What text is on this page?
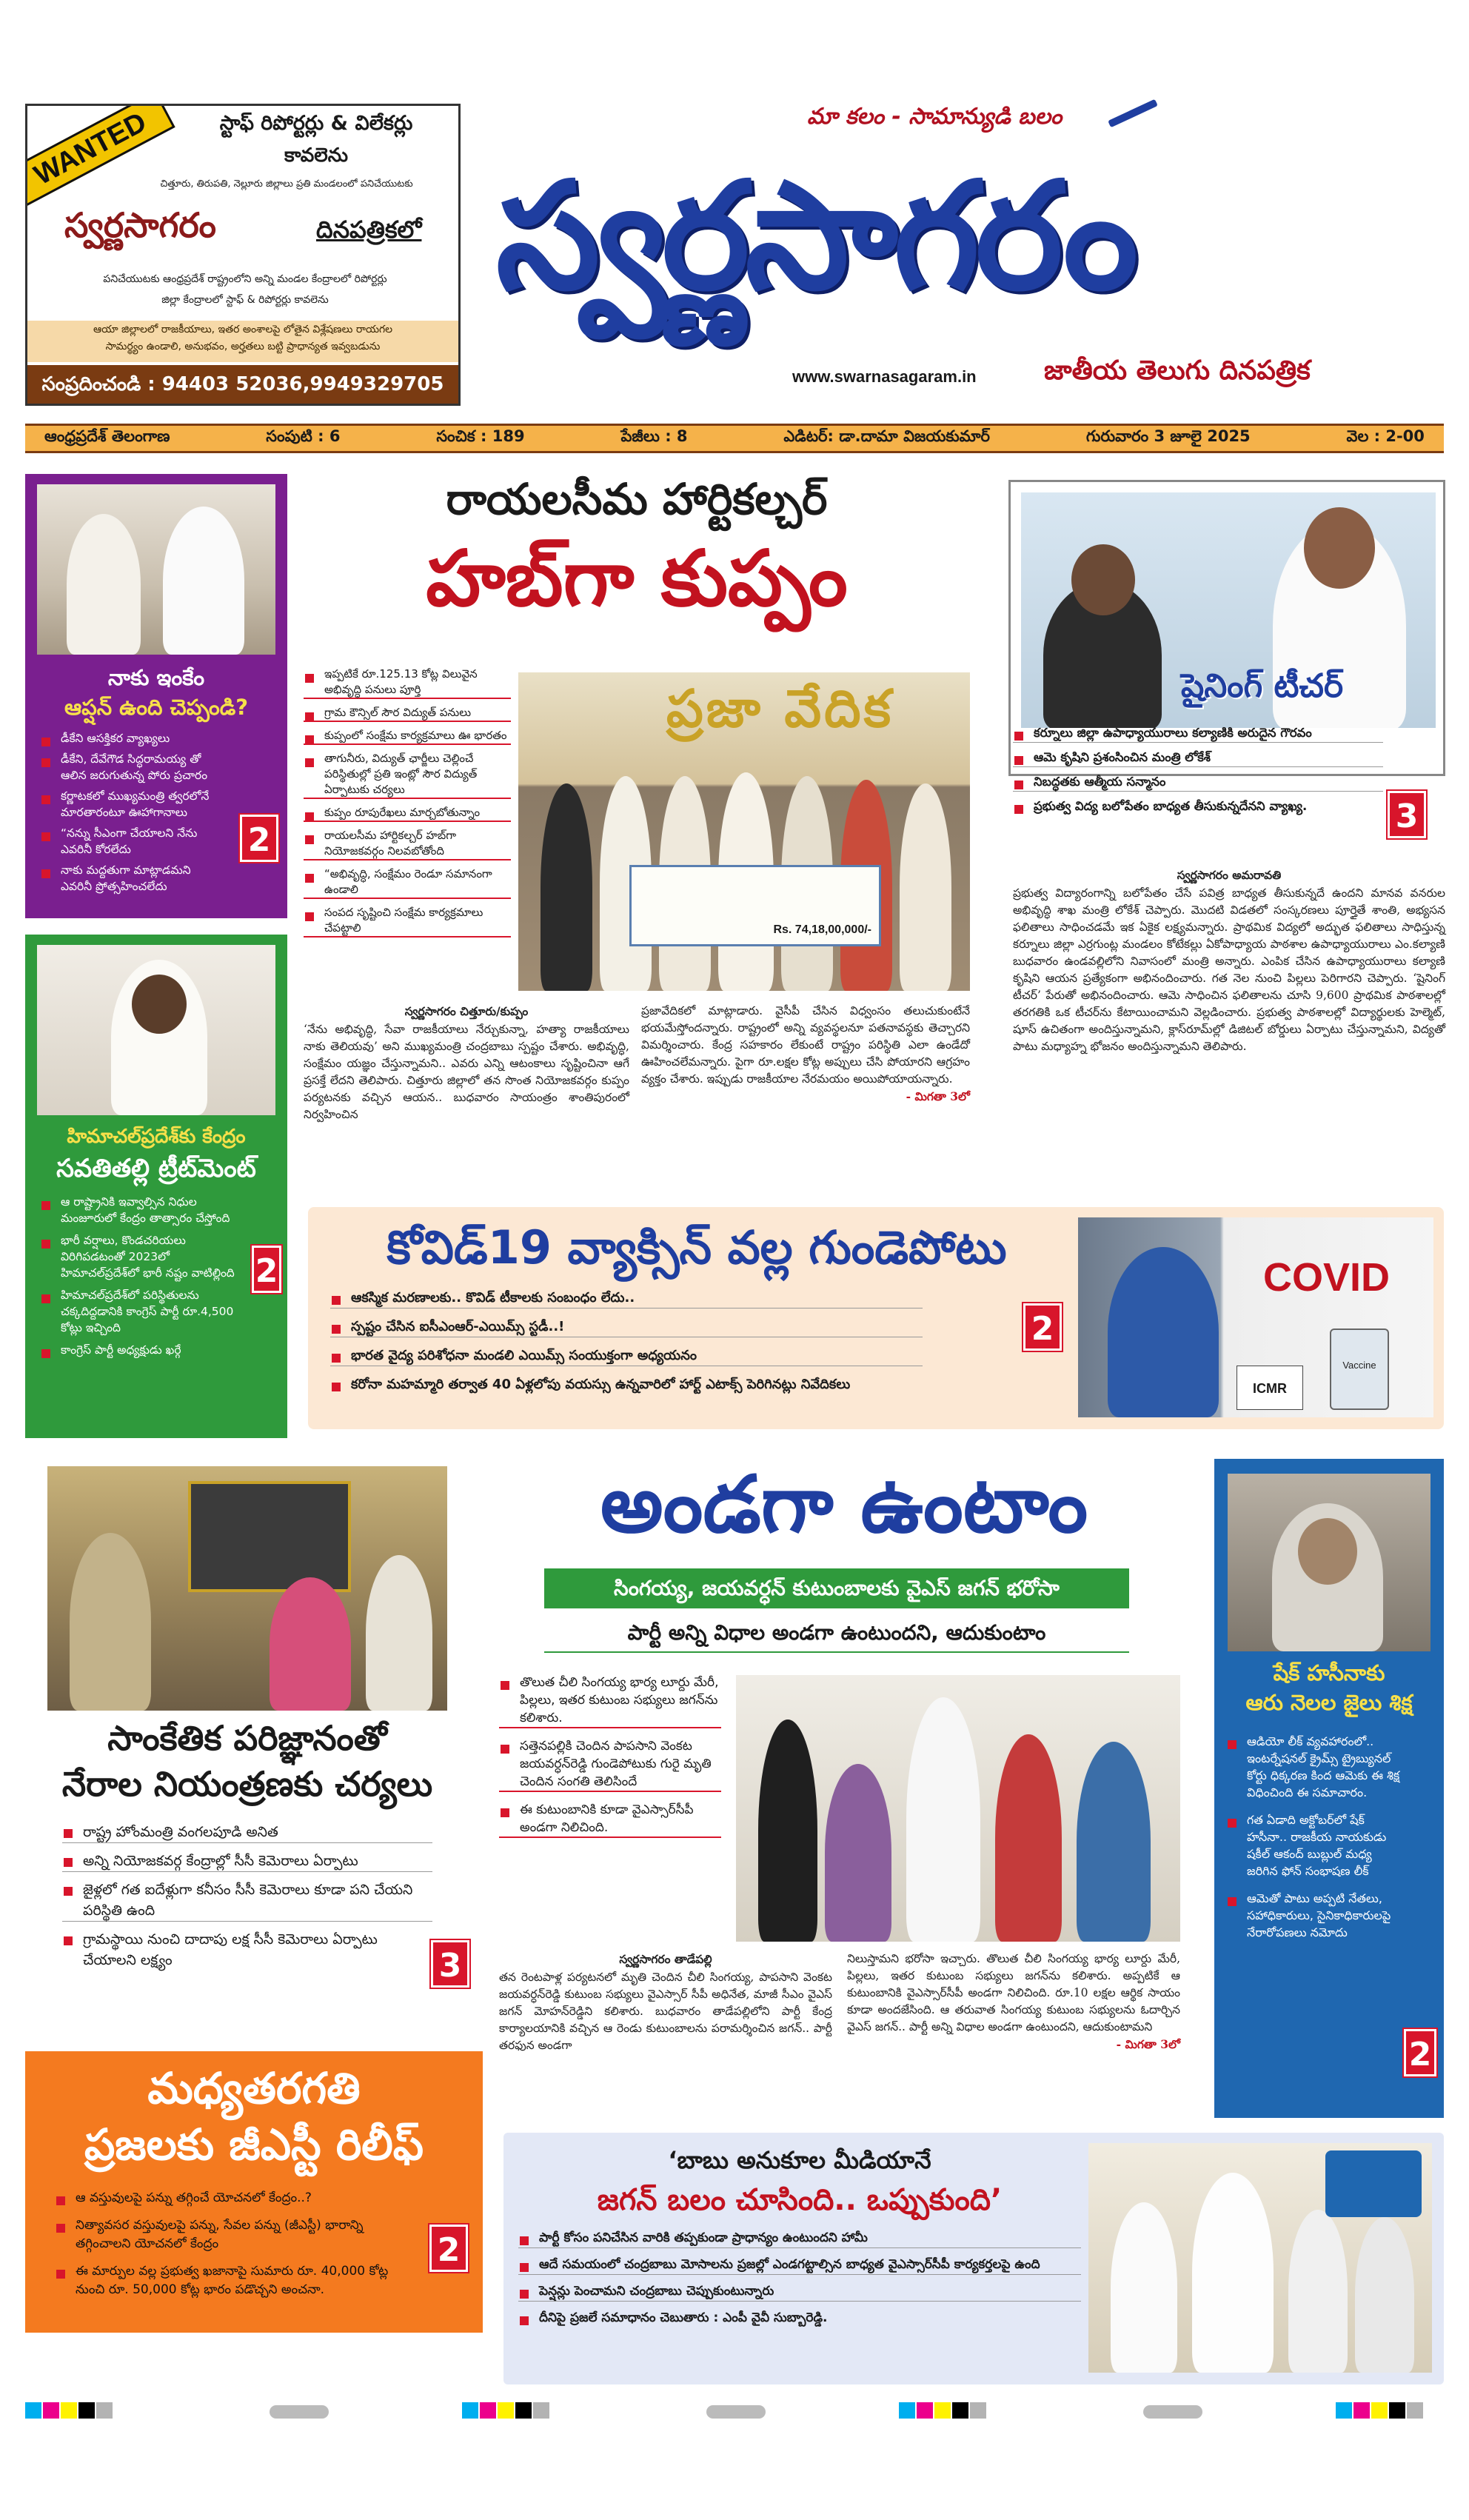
WANTED	స్టాఫ్ రిపోర్టర్లు & విలేకర్లు
కావలెను
చిత్తూరు, తిరుపతి, నెల్లూరు జిల్లాలు ప్రతి మండలంలో పనిచేయుటకు
స్వర్ణసాగరం	దినపత్రికలో
పనిచేయుటకు ఆంధ్రప్రదేశ్ రాష్ట్రంలోని అన్ని మండల కేంద్రాలలో రిపోర్టర్లు
జిల్లా కేంద్రాలలో స్టాఫ్ & రిపోర్టర్లు కావలెను
ఆయా జిల్లాలలో రాజకీయాలు, ఇతర అంశాలపై లోతైన విశ్లేషణలు రాయగల
సామర్థ్యం ఉండాలి, అనుభవం, అర్హతలు బట్టి ప్రాధాన్యత ఇవ్వబడును
సంప్రదించండి : 94403 52036,9949329705
మా కలం - సామాన్యుడి బలం
స్వర్ణసాగరం
www.swarnasagaram.in	జాతీయ తెలుగు దినపత్రిక
ఆంధ్రప్రదేశ్ తెలంగాణ	సంపుటి : 6	సంచిక : 189	పేజీలు : 8	ఎడిటర్: డా.దామా విజయకుమార్	గురువారం 3 జూలై 2025	వెల : 2-00
నాకు ఇంకేం
ఆప్షన్ ఉంది చెప్పండి?
డీకేని ఆసక్తికర వ్యాఖ్యలు
డీకేని, దేవేగౌడ సిద్ధరామయ్య తో ఆలిన జరుగుతున్న పోరు ప్రచారం
కర్ణాటకలో ముఖ్యమంత్రి త్వరలోనే మారతారంటూ ఊహాగానాలు
“నన్ను సీఎంగా చేయాలని నేను ఎవరినీ కోరలేదు
నాకు మద్దతుగా మాట్లాడమని ఎవరినీ ప్రోత్సహించలేదు
2
హిమాచల్‌ప్రదేశ్‌కు కేంద్రం
సవతితల్లి ట్రీట్‌మెంట్
ఆ రాష్ట్రానికి ఇవ్వాల్సిన నిధుల మంజూరులో కేంద్రం తాత్సారం చేస్తోంది
భారీ వర్షాలు, కొండచరియలు విరిగిపడటంతో 2023లో హిమాచల్‌ప్రదేశ్‌లో భారీ నష్టం వాటిల్లింది
హిమాచల్‌ప్రదేశ్‌లో పరిస్థితులను చక్కదిద్దడానికి కాంగ్రెస్ పార్టీ రూ.4,500 కోట్లు ఇచ్చింది
కాంగ్రెస్ పార్టీ అధ్యక్షుడు ఖర్గే
2
రాయలసీమ హార్టికల్చర్
హబ్‌గా కుప్పం
ఇప్పటికే రూ.125.13 కోట్ల విలువైన అభివృద్ధి పనులు పూర్తి
గ్రామ కౌన్సిల్ సౌర విద్యుత్ పనులు
కుప్పంలో సంక్షేమ కార్యక్రమాలు ఊ భారతం
తాగునీరు, విద్యుత్ ఛార్జీలు చెల్లించే పరిస్థితుల్లో ప్రతి ఇంట్లో సౌర విద్యుత్ ఏర్పాటుకు చర్యలు
కుప్పం రూపురేఖలు మార్చబోతున్నాం
రాయలసీమ హార్టికల్చర్ హబ్‌గా నియోజకవర్గం నిలవబోతోంది
“అభివృద్ధి, సంక్షేమం రెండూ సమానంగా ఉండాలి
సంపద సృష్టించి సంక్షేమ కార్యక్రమాలు చేపట్టాలి
ప్రజా వేదిక
Rs. 74,18,00,000/-
స్వర్ణసాగరం చిత్తూరు/కుప్పం
‘నేను అభివృద్ధి, సేవా రాజకీయాలు నేర్చుకున్నా, హత్యా రాజకీయాలు నాకు తెలియవు’ అని ముఖ్యమంత్రి చంద్రబాబు స్పష్టం చేశారు. అభివృద్ధి, సంక్షేమం యజ్ఞం చేస్తున్నామని.. ఎవరు ఎన్ని ఆటంకాలు సృష్టించినా ఆగే ప్రసక్తే లేదని తెలిపారు. చిత్తూరు జిల్లాలో తన సొంత నియోజకవర్గం కుప్పం పర్యటనకు వచ్చిన ఆయన.. బుధవారం సాయంత్రం శాంతిపురంలో నిర్వహించిన
ప్రజావేదికలో మాట్లాడారు. వైసీపీ చేసిన విధ్వంసం తలుచుకుంటేనే భయమేస్తోందన్నారు. రాష్ట్రంలో అన్ని వ్యవస్థలనూ పతనావస్థకు తెచ్చారని విమర్శించారు. కేంద్ర సహకారం లేకుంటే రాష్ట్రం పరిస్థితి ఎలా ఉండేదో ఊహించలేమన్నారు. పైగా రూ.లక్షల కోట్ల అప్పులు చేసి పోయారని ఆగ్రహం వ్యక్తం చేశారు. ఇప్పుడు రాజకీయాల నేరమయం అయిపోయాయన్నారు.
- మిగతా 3లో
షైనింగ్ టీచర్
కర్నూలు జిల్లా ఉపాధ్యాయురాలు కల్యాణికి అరుదైన గౌరవం
ఆమె కృషిని ప్రశంసించిన మంత్రి లోకేశ్
నిబద్ధతకు ఆత్మీయ సన్మానం
ప్రభుత్వ విద్య బలోపేతం బాధ్యత తీసుకున్నదేనని వ్యాఖ్య.	3
స్వర్ణసాగరం అమరావతి
ప్రభుత్వ విద్యారంగాన్ని బలోపేతం చేసే పవిత్ర బాధ్యత తీసుకున్నదే ఉందని మానవ వనరుల అభివృద్ధి శాఖ మంత్రి లోకేశ్ చెప్పారు. మొదటి విడతలో సంస్కరణలు పూర్తైతే శాంతి, అభ్యసన ఫలితాలు సాధించడమే ఇక ఏకైక లక్ష్యమన్నారు. ప్రాథమిక విద్యలో అద్భుత ఫలితాలు సాధిస్తున్న కర్నూలు జిల్లా ఎర్రగుంట్ల మండలం కోటేకల్లు ఏకోపాధ్యాయ పాఠశాల ఉపాధ్యాయురాలు ఎం.కల్యాణి బుధవారం ఉండవల్లిలోని నివాసంలో మంత్రి అన్నారు. ఎంపిక చేసిన ఉపాధ్యాయురాలు కల్యాణి కృషిని ఆయన ప్రత్యేకంగా అభినందించారు. గత నెల నుంచి పిల్లలు పెరిగారని చెప్పారు. ‘షైనింగ్ టీచర్’ పేరుతో అభినందించారు. ఆమె సాధించిన ఫలితాలను చూసి 9,600 ప్రాథమిక పాఠశాలల్లో తరగతికి ఒక టీచర్‌ను కేటాయించామని వెల్లడించారు. ప్రభుత్వ పాఠశాలల్లో విద్యార్థులకు హెల్మెట్, షూస్ ఉచితంగా అందిస్తున్నామని, క్లాస్‌రూమ్‌ల్లో డిజిటల్ బోర్డులు ఏర్పాటు చేస్తున్నామని, విద్యతో పాటు మధ్యాహ్న భోజనం అందిస్తున్నామని తెలిపారు.
కోవిడ్19 వ్యాక్సిన్ వల్ల గుండెపోటు
ఆకస్మిక మరణాలకు.. కొవిడ్ టీకాలకు సంబంధం లేదు..
స్పష్టం చేసిన ఐసీఎంఆర్-ఎయిమ్స్ స్టడీ..!
భారత వైద్య పరిశోధనా మండలి ఎయిమ్స్ సంయుక్తంగా అధ్యయనం
కరోనా మహమ్మారి తర్వాత 40 ఏళ్లలోపు వయస్సు ఉన్నవారిలో హార్ట్ ఎటాక్స్ పెరిగినట్లు నివేదికలు
2
COVID
Vaccine
ICMR
సాంకేతిక పరిజ్ఞానంతో
నేరాల నియంత్రణకు చర్యలు
రాష్ట్ర హోంమంత్రి వంగలపూడి అనిత
అన్ని నియోజకవర్గ కేంద్రాల్లో సీసీ కెమెరాలు ఏర్పాటు
జైళ్లలో గత ఐదేళ్లుగా కనీసం సీసీ కెమెరాలు కూడా పని చేయని పరిస్థితి ఉంది
గ్రామస్థాయి నుంచి దాదాపు లక్ష సీసీ కెమెరాలు ఏర్పాటు చేయాలని లక్ష్యం	3
అండగా ఉంటాం
సింగయ్య, జయవర్ధన్ కుటుంబాలకు వైఎస్ జగన్ భరోసా
పార్టీ అన్ని విధాల అండగా ఉంటుందని, ఆదుకుంటాం
తొలుత చీలి సింగయ్య భార్య లూర్దు మేరీ, పిల్లలు, ఇతర కుటుంబ సభ్యులు జగన్‌ను కలిశారు.
సత్తెనపల్లికి చెందిన పాపసాని వెంకట జయవర్ధన్‌రెడ్డి గుండెపోటుకు గురై మృతి చెందిన సంగతి తెలిసిందే
ఈ కుటుంబానికి కూడా వైఎస్సార్‌సీపీ అండగా నిలిచింది.
స్వర్ణసాగరం తాడేపల్లి
తన రెంటపాళ్ల పర్యటనలో మృతి చెందిన చీలి సింగయ్య, పాపసాని వెంకట జయవర్ధన్‌రెడ్డి కుటుంబ సభ్యులు వైఎస్సార్ సీపీ అధినేత, మాజీ సీఎం వైఎస్ జగన్ మోహన్‌రెడ్డిని కలిశారు. బుధవారం తాడేపల్లిలోని పార్టీ కేంద్ర కార్యాలయానికి వచ్చిన ఆ రెండు కుటుంబాలను పరామర్శించిన జగన్.. పార్టీ తరఫున అండగా
నిలుస్తామని భరోసా ఇచ్చారు. తొలుత చీలి సింగయ్య భార్య లూర్దు మేరీ, పిల్లలు, ఇతర కుటుంబ సభ్యులు జగన్‌ను కలిశారు. అప్పటికే ఆ కుటుంబానికి వైఎస్సార్‌సీపీ అండగా నిలిచింది. రూ.10 లక్షల ఆర్థిక సాయం కూడా అందజేసింది. ఆ తరువాత సింగయ్య కుటుంబ సభ్యులను ఓదార్చిన వైఎస్ జగన్.. పార్టీ అన్ని విధాల అండగా ఉంటుందని, ఆదుకుంటామని
- మిగతా 3లో
షేక్ హసీనాకు
ఆరు నెలల జైలు శిక్ష
ఆడియో లీక్ వ్యవహారంలో.. ఇంటర్నేషనల్ క్రైమ్స్ ట్రైబ్యునల్ కోర్టు ధిక్కరణ కింద ఆమెకు ఈ శిక్ష విధించింది ఈ సమాచారం.
గత ఏడాది అక్టోబర్‌లో షేక్ హసీనా.. రాజకీయ నాయకుడు షకీల్ ఆకంద్ బుబ్లుల్ మధ్య జరిగిన ఫోన్ సంభాషణ లీక్
ఆమెతో పాటు అప్పటి నేతలు, సహాధికారులు, సైనికాధికారులపై నేరారోపణలు నమోదు
2
మధ్యతరగతి
ప్రజలకు జీఎస్టీ రిలీఫ్
ఆ వస్తువులపై పన్ను తగ్గించే యోచనలో కేంద్రం..?
నిత్యావసర వస్తువులపై పన్ను, సేవల పన్ను (జీఎస్టీ) భారాన్ని తగ్గించాలని యోచనలో కేంద్రం
ఈ మార్పుల వల్ల ప్రభుత్వ ఖజానాపై సుమారు రూ. 40,000 కోట్ల నుంచి రూ. 50,000 కోట్ల భారం పడొచ్చని అంచనా.
2
‘బాబు అనుకూల మీడియానే
జగన్ బలం చూసింది.. ఒప్పుకుంది’
పార్టీ కోసం పనిచేసిన వారికి తప్పకుండా ప్రాధాన్యం ఉంటుందని హామీ
ఆదే సమయంలో చంద్రబాబు మోసాలను ప్రజల్లో ఎండగట్టాల్సిన బాధ్యత వైఎస్సార్‌సీపీ కార్యకర్తలపై ఉంది
పెన్షన్లు పెంచామని చంద్రబాబు చెప్పుకుంటున్నారు
దీనిపై ప్రజలే సమాధానం చెబుతారు : ఎంపీ వైవీ సుబ్బారెడ్డి.
